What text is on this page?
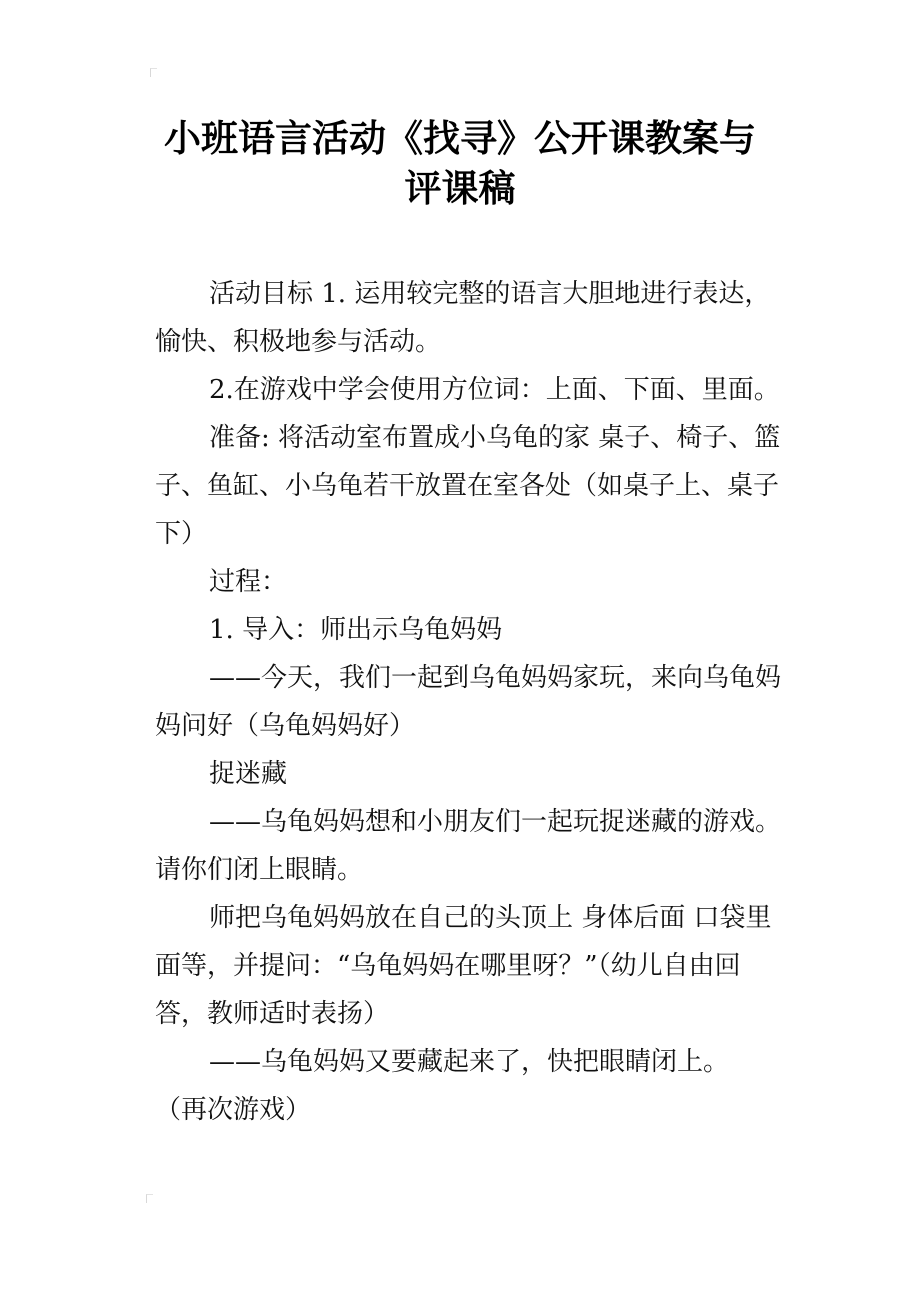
小班语言活动《找寻》公开课教案与
评课稿

活动目标 1. 运用较完整的语言大胆地进行表达，愉快、积极地参与活动。

2.在游戏中学会使用方位词：上面、下面、里面。

准备: 将活动室布置成小乌龟的家 桌子、椅子、篮子、鱼缸、小乌龟若干放置在室各处（如桌子上、桌子下）

过程：

1. 导入：师出示乌龟妈妈

——今天，我们一起到乌龟妈妈家玩，来向乌龟妈妈问好（乌龟妈妈好）

捉迷藏

——乌龟妈妈想和小朋友们一起玩捉迷藏的游戏。请你们闭上眼睛。

师把乌龟妈妈放在自己的头顶上 身体后面 口袋里面等，并提问：“乌龟妈妈在哪里呀？”（幼儿自由回答，教师适时表扬）

——乌龟妈妈又要藏起来了，快把眼睛闭上。

（再次游戏）
